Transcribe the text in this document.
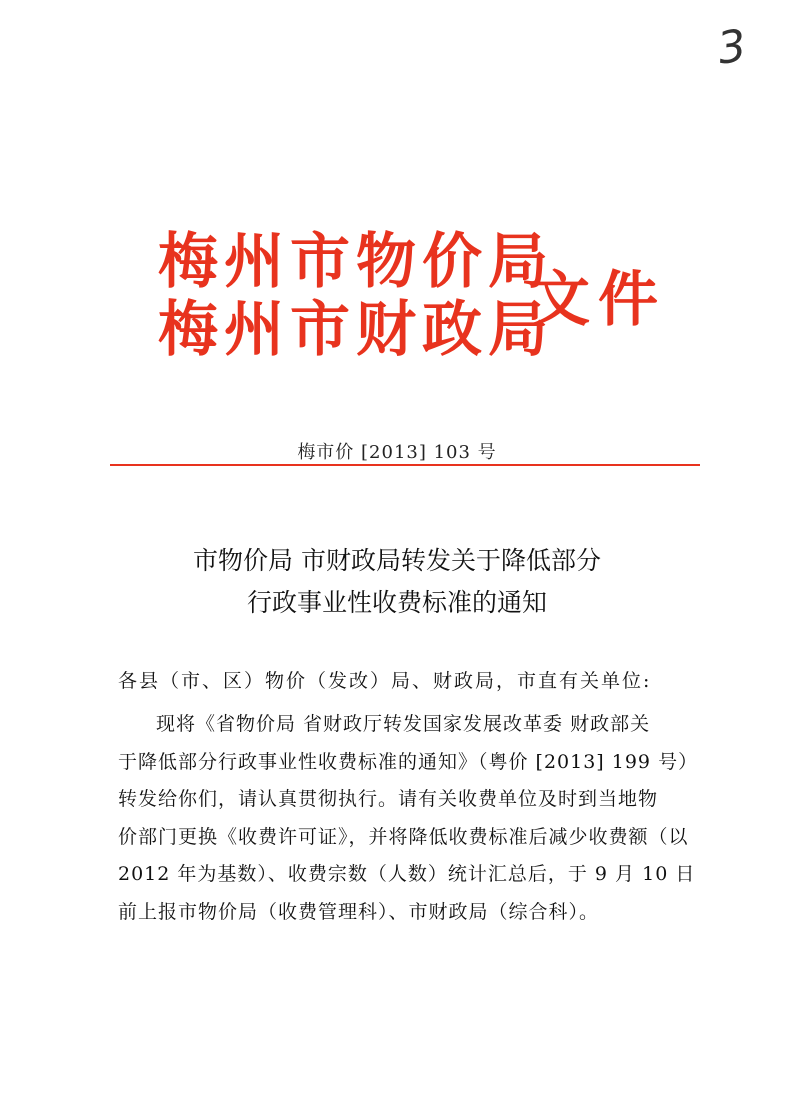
3
梅州市物价局
梅州市财政局
文件
梅市价 [2013] 103 号
市物价局 市财政局转发关于降低部分
行政事业性收费标准的通知
各县（市、区）物价（发改）局、财政局，市直有关单位:
现将《省物价局 省财政厅转发国家发展改革委 财政部关
于降低部分行政事业性收费标准的通知》（粤价 [2013] 199 号）
转发给你们，请认真贯彻执行。请有关收费单位及时到当地物
价部门更换《收费许可证》，并将降低收费标准后减少收费额（以
2012 年为基数）、收费宗数（人数）统计汇总后，于 9 月 10 日
前上报市物价局（收费管理科）、市财政局（综合科）。
